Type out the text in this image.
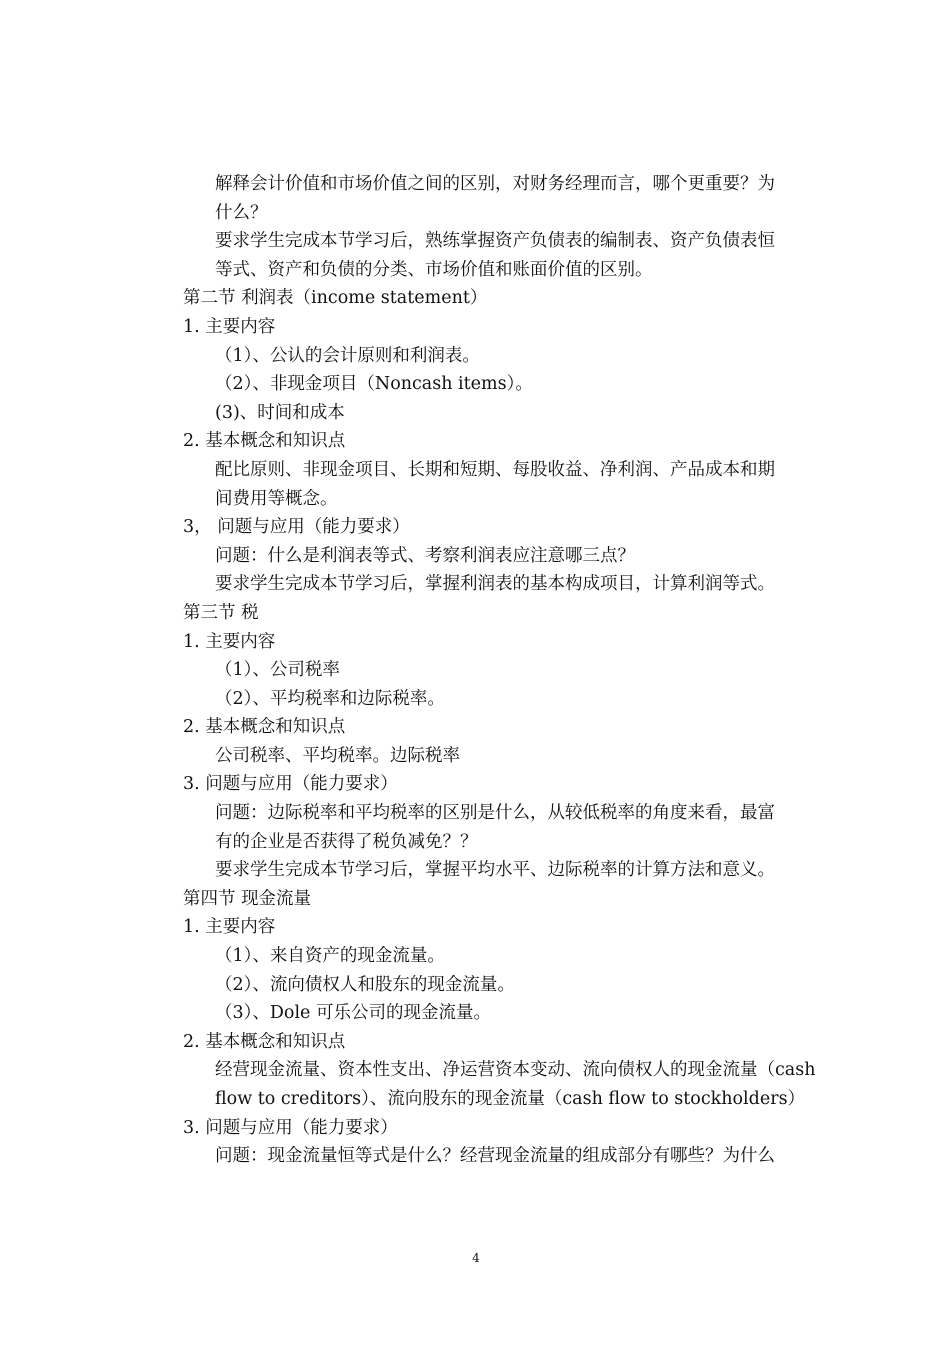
解释会计价值和市场价值之间的区别，对财务经理而言，哪个更重要？为
什么？
要求学生完成本节学习后，熟练掌握资产负债表的编制表、资产负债表恒
等式、资产和负债的分类、市场价值和账面价值的区别。
第二节 利润表（income statement）
1. 主要内容
（1）、公认的会计原则和利润表。
（2）、非现金项目（Noncash items）。
(3)、时间和成本
2. 基本概念和知识点
配比原则、非现金项目、长期和短期、每股收益、净利润、产品成本和期
间费用等概念。
3， 问题与应用（能力要求）
问题：什么是利润表等式、考察利润表应注意哪三点？
要求学生完成本节学习后，掌握利润表的基本构成项目，计算利润等式。
第三节 税
1. 主要内容
（1）、公司税率
（2）、平均税率和边际税率。
2. 基本概念和知识点
公司税率、平均税率。边际税率
3. 问题与应用（能力要求）
问题：边际税率和平均税率的区别是什么，从较低税率的角度来看，最富
有的企业是否获得了税负减免？？
要求学生完成本节学习后，掌握平均水平、边际税率的计算方法和意义。
第四节 现金流量
1. 主要内容
（1）、来自资产的现金流量。
（2）、流向债权人和股东的现金流量。
（3）、Dole 可乐公司的现金流量。
2. 基本概念和知识点
经营现金流量、资本性支出、净运营资本变动、流向债权人的现金流量（cash
flow to creditors）、流向股东的现金流量（cash flow to stockholders）
3. 问题与应用（能力要求）
问题：现金流量恒等式是什么？经营现金流量的组成部分有哪些？为什么
4
